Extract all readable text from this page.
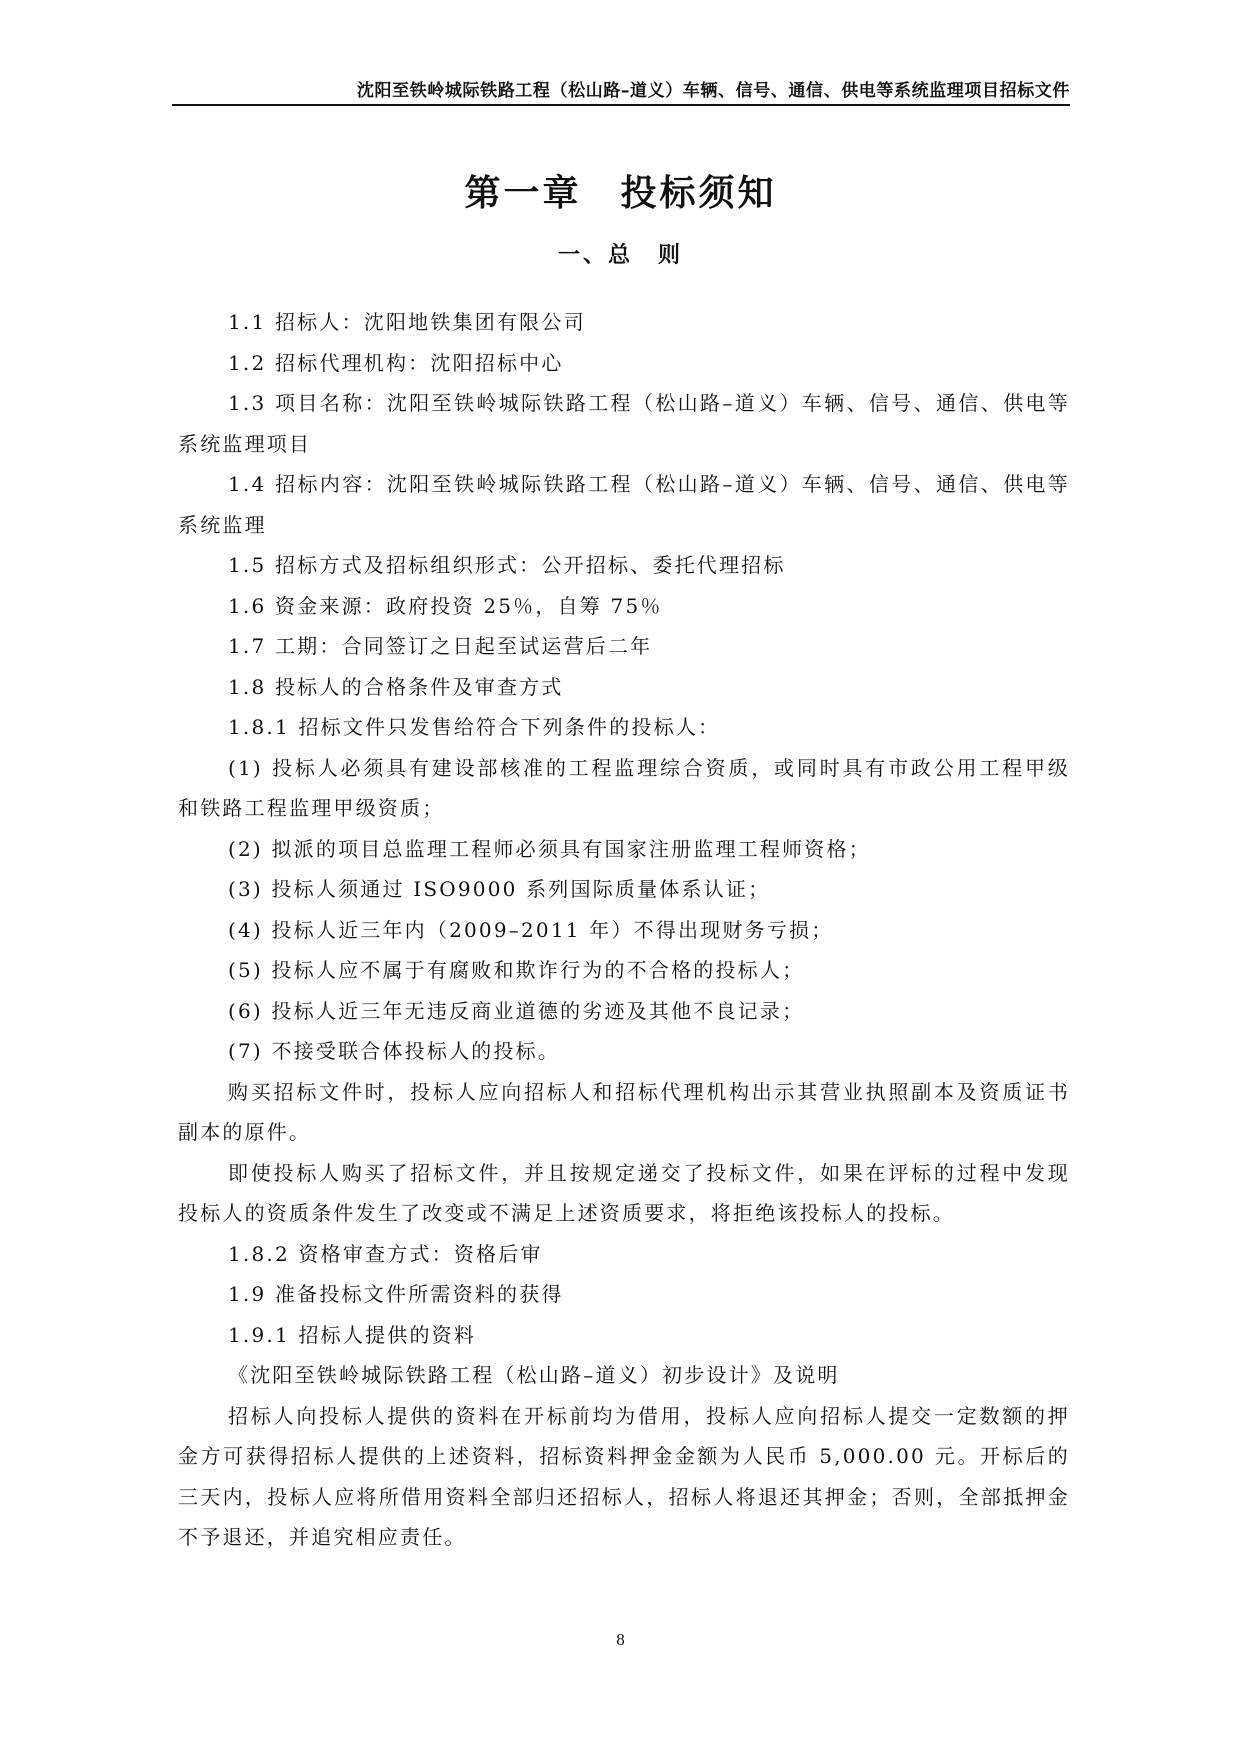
沈阳至铁岭城际铁路工程（松山路–道义）车辆、信号、通信、供电等系统监理项目招标文件
第一章　投标须知
一、总　则

1.1 招标人：沈阳地铁集团有限公司

1.2 招标代理机构：沈阳招标中心

1.3 项目名称：沈阳至铁岭城际铁路工程（松山路–道义）车辆、信号、通信、供电等系统监理项目

1.4 招标内容：沈阳至铁岭城际铁路工程（松山路–道义）车辆、信号、通信、供电等系统监理

1.5 招标方式及招标组织形式：公开招标、委托代理招标

1.6 资金来源：政府投资 25％，自筹 75％

1.7 工期：合同签订之日起至试运营后二年

1.8 投标人的合格条件及审查方式

1.8.1 招标文件只发售给符合下列条件的投标人：

(1) 投标人必须具有建设部核准的工程监理综合资质，或同时具有市政公用工程甲级和铁路工程监理甲级资质；

(2) 拟派的项目总监理工程师必须具有国家注册监理工程师资格；

(3) 投标人须通过 ISO9000 系列国际质量体系认证；

(4) 投标人近三年内（2009–2011 年）不得出现财务亏损；

(5) 投标人应不属于有腐败和欺诈行为的不合格的投标人；

(6) 投标人近三年无违反商业道德的劣迹及其他不良记录；

(7) 不接受联合体投标人的投标。

购买招标文件时，投标人应向招标人和招标代理机构出示其营业执照副本及资质证书副本的原件。

即使投标人购买了招标文件，并且按规定递交了投标文件，如果在评标的过程中发现投标人的资质条件发生了改变或不满足上述资质要求，将拒绝该投标人的投标。

1.8.2 资格审查方式：资格后审

1.9 准备投标文件所需资料的获得

1.9.1 招标人提供的资料

《沈阳至铁岭城际铁路工程（松山路–道义）初步设计》及说明

招标人向投标人提供的资料在开标前均为借用，投标人应向招标人提交一定数额的押金方可获得招标人提供的上述资料，招标资料押金金额为人民币 5,000.00 元。开标后的三天内，投标人应将所借用资料全部归还招标人，招标人将退还其押金；否则，全部抵押金不予退还，并追究相应责任。

8
